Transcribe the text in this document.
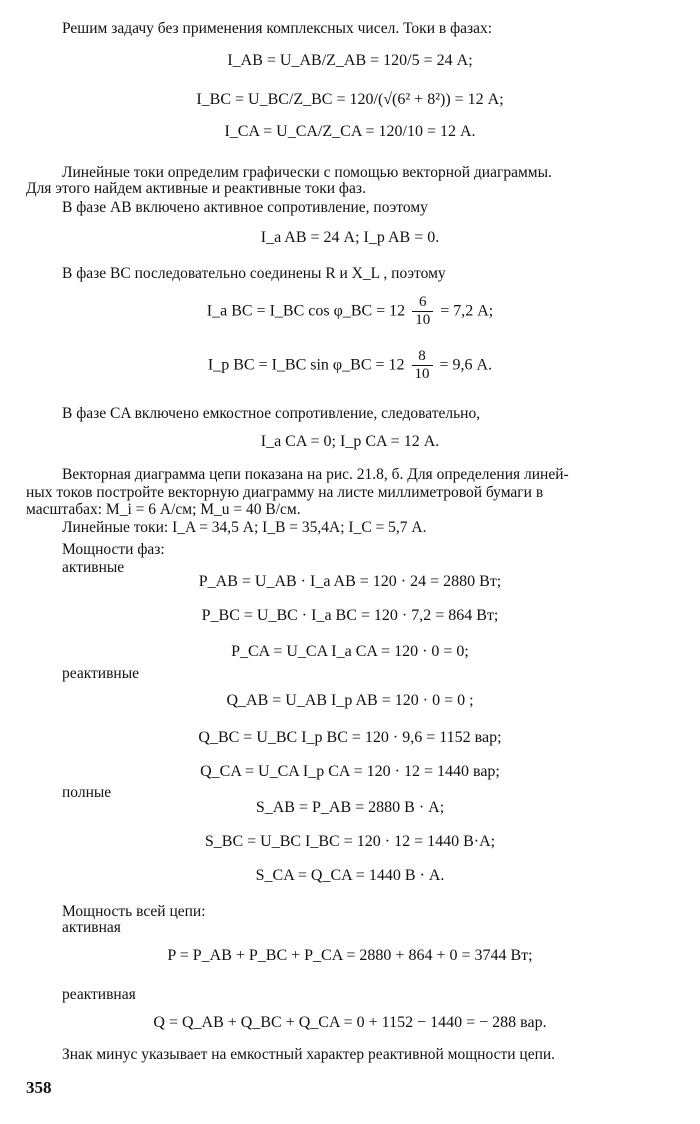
Решим задачу без применения комплексных чисел. Токи в фазах:
I_AB = U_AB/Z_AB = 120/5 = 24 А;
I_BC = U_BC/Z_BC = 120/(√(6² + 8²)) = 12 А;
I_CA = U_CA/Z_CA = 120/10 = 12 А.
Линейные токи определим графически с помощью векторной диаграммы.
Для этого найдем активные и реактивные токи фаз.
В фазе AB включено активное сопротивление, поэтому
I_a AB = 24 А; I_p AB = 0.
В фазе BC последовательно соединены R и X_L , поэтому
I_a BC = I_BC cos φ_BC = $12 \frac{6}{10} = 7,2$ А;
I_p BC = I_BC sin φ_BC = $12 \frac{8}{10} = 9,6$ А.
В фазе CA включено емкостное сопротивление, следовательно,
I_a CA = 0; I_p CA = 12 А.
Векторная диаграмма цепи показана на рис. 21.8, б. Для определения линей-
ных токов постройте векторную диаграмму на листе миллиметровой бумаги в
масштабах: M_i = 6 А/см; M_u = 40 В/см.
Линейные токи: I_A = 34,5 А; I_B = 35,4А; I_C = 5,7 А.
Мощности фаз:
активные
P_AB = U_AB · I_a AB = 120 · 24 = 2880 Вт;
P_BC = U_BC · I_a BC = 120 · 7,2 = 864 Вт;
P_CA = U_CA I_a CA = 120 · 0 = 0;
реактивные
Q_AB = U_AB I_p AB = 120 · 0 = 0 ;
Q_BC = U_BC I_p BC = 120 · 9,6 = 1152 вар;
Q_CA = U_CA I_p CA = 120 · 12 = 1440 вар;
полные
S_AB = P_AB = 2880 В · А;
S_BC = U_BC I_BC = 120 · 12 = 1440 В·А;
S_CA = Q_CA = 1440 В · А.
Мощность всей цепи:
активная
P = P_AB + P_BC + P_CA = 2880 + 864 + 0 = 3744 Вт;
реактивная
Q = Q_AB + Q_BC + Q_CA = 0 + 1152 − 1440 = − 288 вар.
Знак минус указывает на емкостный характер реактивной мощности цепи.
358
